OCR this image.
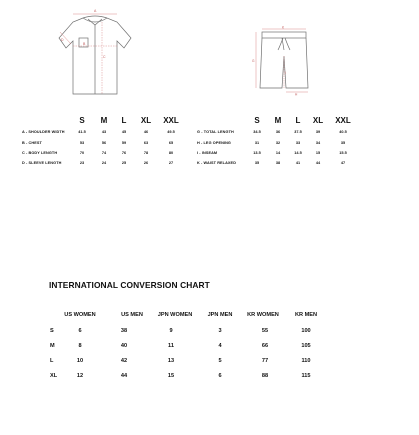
A
B
C
D
K
G
I
H
S	M	L	XL	XXL
A - SHOULDER WIDTH	41.5	43	45	46	49.5
B - CHEST	53	56	59	63	65
C - BODY LENGTH	70	74	76	78	80
D - SLEEVE LENGTH	23	24	25	26	27
S	M	L	XL	XXL
G - TOTAL LENGTH	34.5	36	37.5	39	40.5
H - LEG OPENING	31	32	33	34	35
I - INSEAM	13.5	14	14.5	15	15.5
K - WAIST RELAXED	35	38	41	44	47
INTERNATIONAL CONVERSION CHART
US WOMEN	US MEN	JPN WOMEN	JPN MEN	KR WOMEN	KR MEN
S	6	38	9	3	55	100
M	8	40	11	4	66	105
L	10	42	13	5	77	110
XL	12	44	15	6	88	115
